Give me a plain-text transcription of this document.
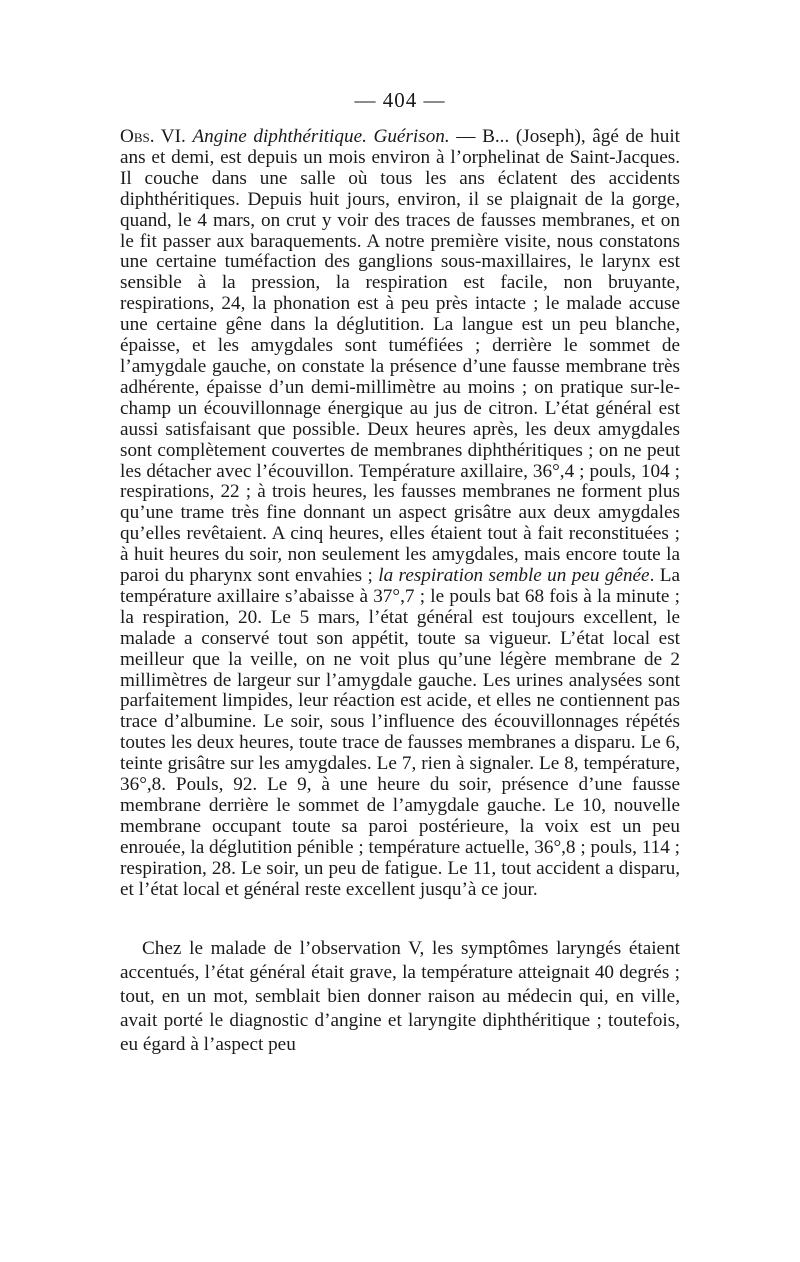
— 404 —

Obs. VI. Angine diphthéritique. Guérison. — B... (Joseph), âgé de huit ans et demi, est depuis un mois environ à l’orphelinat de Saint-Jacques. Il couche dans une salle où tous les ans éclatent des accidents diphthéritiques. Depuis huit jours, environ, il se plaignait de la gorge, quand, le 4 mars, on crut y voir des traces de fausses membranes, et on le fit passer aux baraquements. A notre première visite, nous constatons une certaine tuméfaction des ganglions sous-maxillaires, le larynx est sensible à la pression, la respiration est facile, non bruyante, respirations, 24, la phonation est à peu près intacte ; le malade accuse une certaine gêne dans la déglutition. La langue est un peu blanche, épaisse, et les amygdales sont tuméfiées ; derrière le sommet de l’amygdale gauche, on constate la présence d’une fausse membrane très adhérente, épaisse d’un demi-millimètre au moins ; on pratique sur-le-champ un écouvillonnage énergique au jus de citron. L’état général est aussi satisfaisant que possible. Deux heures après, les deux amygdales sont complètement couvertes de membranes diphthéritiques ; on ne peut les détacher avec l’écouvillon. Température axillaire, 36°,4 ; pouls, 104 ; respirations, 22 ; à trois heures, les fausses membranes ne forment plus qu’une trame très fine donnant un aspect grisâtre aux deux amygdales qu’elles revêtaient. A cinq heures, elles étaient tout à fait reconstituées ; à huit heures du soir, non seulement les amygdales, mais encore toute la paroi du pharynx sont envahies ; la respiration semble un peu gênée. La température axillaire s’abaisse à 37°,7 ; le pouls bat 68 fois à la minute ; la respiration, 20. Le 5 mars, l’état général est toujours excellent, le malade a conservé tout son appétit, toute sa vigueur. L’état local est meilleur que la veille, on ne voit plus qu’une légère membrane de 2 millimètres de largeur sur l’amygdale gauche. Les urines analysées sont parfaitement limpides, leur réaction est acide, et elles ne contiennent pas trace d’albumine. Le soir, sous l’influence des écouvillonnages répétés toutes les deux heures, toute trace de fausses membranes a disparu. Le 6, teinte grisâtre sur les amygdales. Le 7, rien à signaler. Le 8, température, 36°,8. Pouls, 92. Le 9, à une heure du soir, présence d’une fausse membrane derrière le sommet de l’amygdale gauche. Le 10, nouvelle membrane occupant toute sa paroi postérieure, la voix est un peu enrouée, la déglutition pénible ; température actuelle, 36°,8 ; pouls, 114 ; respiration, 28. Le soir, un peu de fatigue. Le 11, tout accident a disparu, et l’état local et général reste excellent jusqu’à ce jour.

Chez le malade de l’observation V, les symptômes laryngés étaient accentués, l’état général était grave, la température atteignait 40 degrés ; tout, en un mot, semblait bien donner raison au médecin qui, en ville, avait porté le diagnostic d’angine et laryngite diphthéritique ; toutefois, eu égard à l’aspect peu
